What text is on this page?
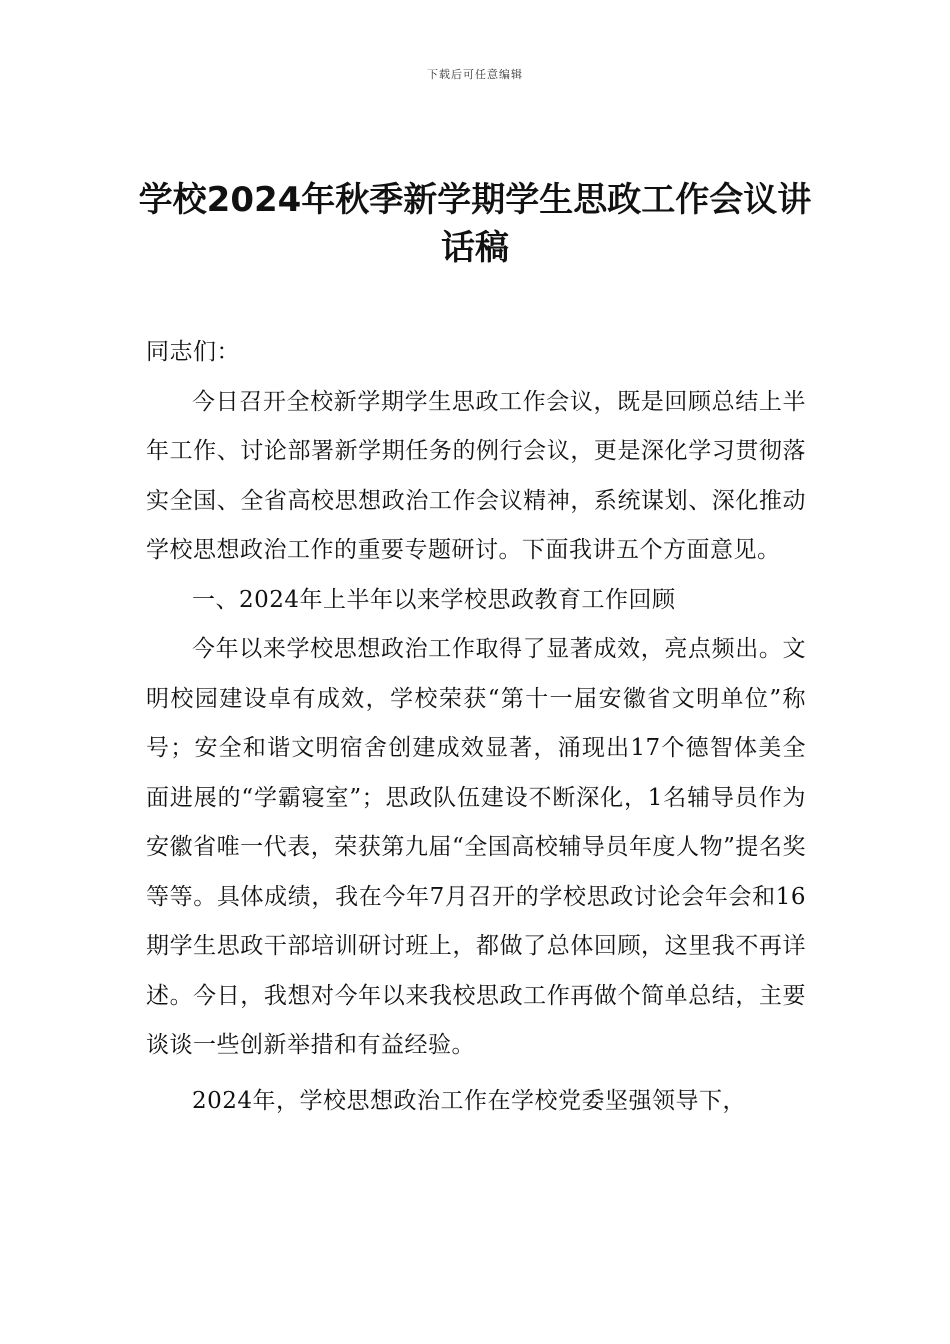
下载后可任意编辑
学校2024年秋季新学期学生思政工作会议讲话稿

同志们：

今日召开全校新学期学生思政工作会议，既是回顾总结上半年工作、讨论部署新学期任务的例行会议，更是深化学习贯彻落实全国、全省高校思想政治工作会议精神，系统谋划、深化推动学校思想政治工作的重要专题研讨。下面我讲五个方面意见。

一、2024年上半年以来学校思政教育工作回顾

今年以来学校思想政治工作取得了显著成效，亮点频出。文明校园建设卓有成效，学校荣获“第十一届安徽省文明单位”称号；安全和谐文明宿舍创建成效显著，涌现出17个德智体美全面进展的“学霸寝室”；思政队伍建设不断深化，1名辅导员作为安徽省唯一代表，荣获第九届“全国高校辅导员年度人物”提名奖等等。具体成绩，我在今年7月召开的学校思政讨论会年会和16期学生思政干部培训研讨班上，都做了总体回顾，这里我不再详述。今日，我想对今年以来我校思政工作再做个简单总结，主要谈谈一些创新举措和有益经验。

2024年，学校思想政治工作在学校党委坚强领导下，
